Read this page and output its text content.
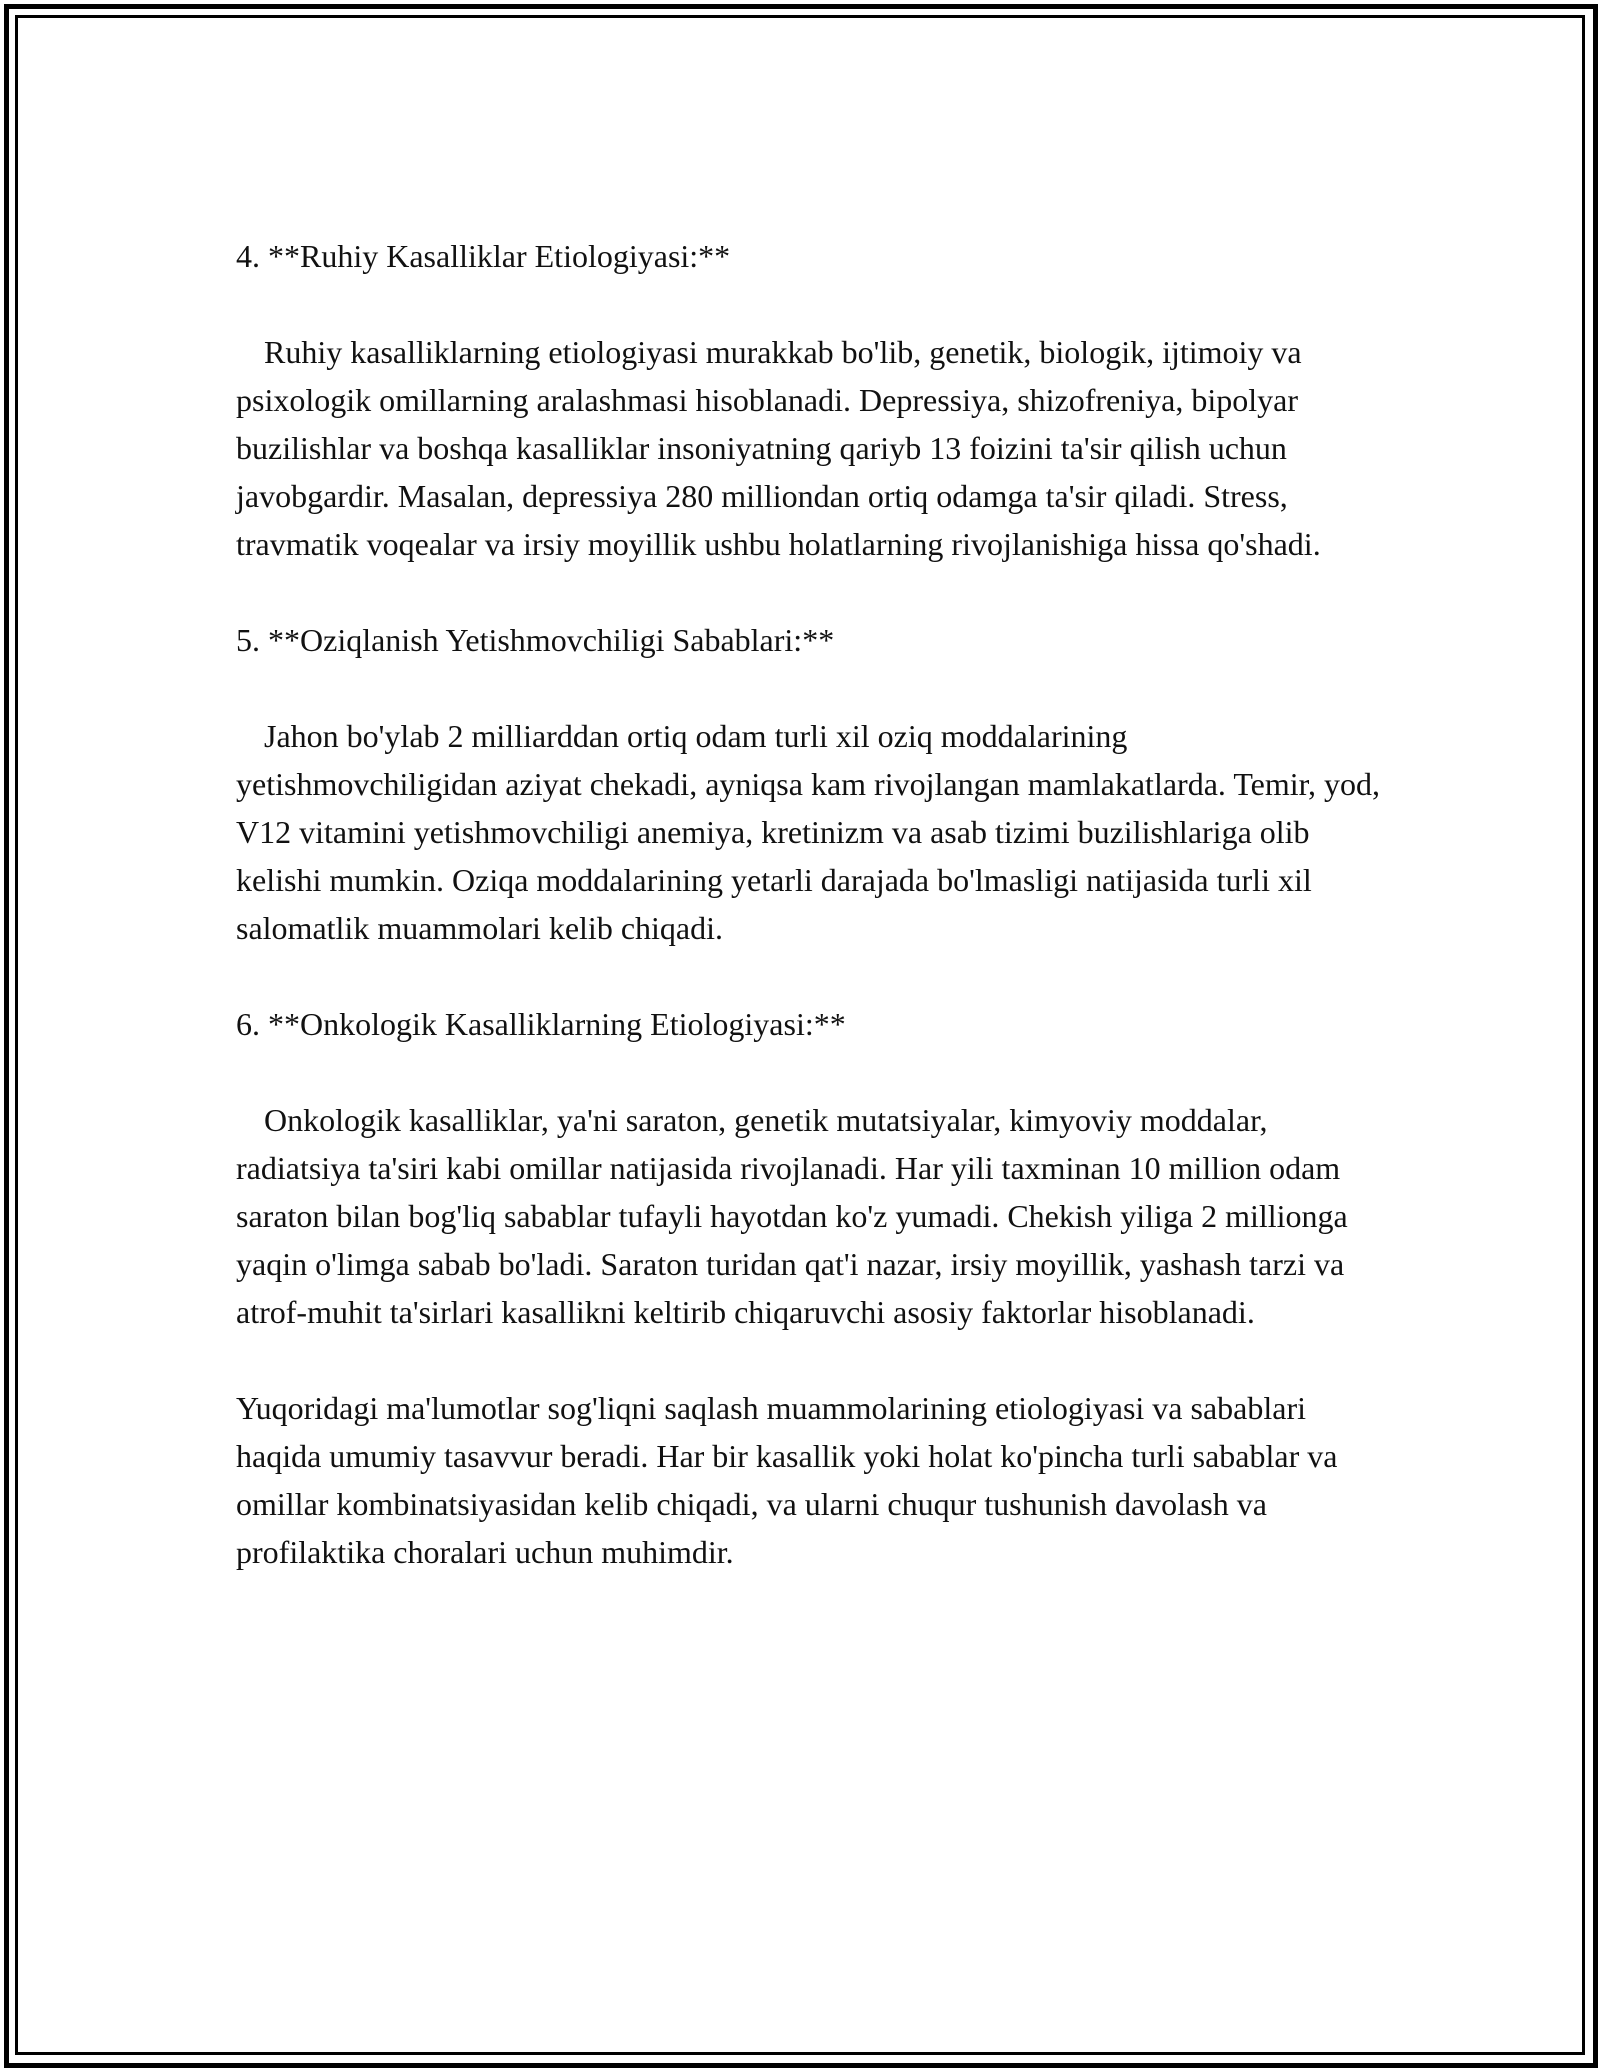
4. **Ruhiy Kasalliklar Etiologiyasi:**

Ruhiy kasalliklarning etiologiyasi murakkab bo'lib, genetik, biologik, ijtimoiy va psixologik omillarning aralashmasi hisoblanadi. Depressiya, shizofreniya, bipolyar buzilishlar va boshqa kasalliklar insoniyatning qariyb 13 foizini ta'sir qilish uchun javobgardir. Masalan, depressiya 280 milliondan ortiq odamga ta'sir qiladi. Stress, travmatik voqealar va irsiy moyillik ushbu holatlarning rivojlanishiga hissa qo'shadi.

5. **Oziqlanish Yetishmovchiligi Sabablari:**

Jahon bo'ylab 2 milliarddan ortiq odam turli xil oziq moddalarining yetishmovchiligidan aziyat chekadi, ayniqsa kam rivojlangan mamlakatlarda. Temir, yod, V12 vitamini yetishmovchiligi anemiya, kretinizm va asab tizimi buzilishlariga olib kelishi mumkin. Oziqa moddalarining yetarli darajada bo'lmasligi natijasida turli xil salomatlik muammolari kelib chiqadi.

6. **Onkologik Kasalliklarning Etiologiyasi:**

Onkologik kasalliklar, ya'ni saraton, genetik mutatsiyalar, kimyoviy moddalar, radiatsiya ta'siri kabi omillar natijasida rivojlanadi. Har yili taxminan 10 million odam saraton bilan bog'liq sabablar tufayli hayotdan ko'z yumadi. Chekish yiliga 2 millionga yaqin o'limga sabab bo'ladi. Saraton turidan qat'i nazar, irsiy moyillik, yashash tarzi va atrof-muhit ta'sirlari kasallikni keltirib chiqaruvchi asosiy faktorlar hisoblanadi.

Yuqoridagi ma'lumotlar sog'liqni saqlash muammolarining etiologiyasi va sabablari haqida umumiy tasavvur beradi. Har bir kasallik yoki holat ko'pincha turli sabablar va omillar kombinatsiyasidan kelib chiqadi, va ularni chuqur tushunish davolash va profilaktika choralari uchun muhimdir.
